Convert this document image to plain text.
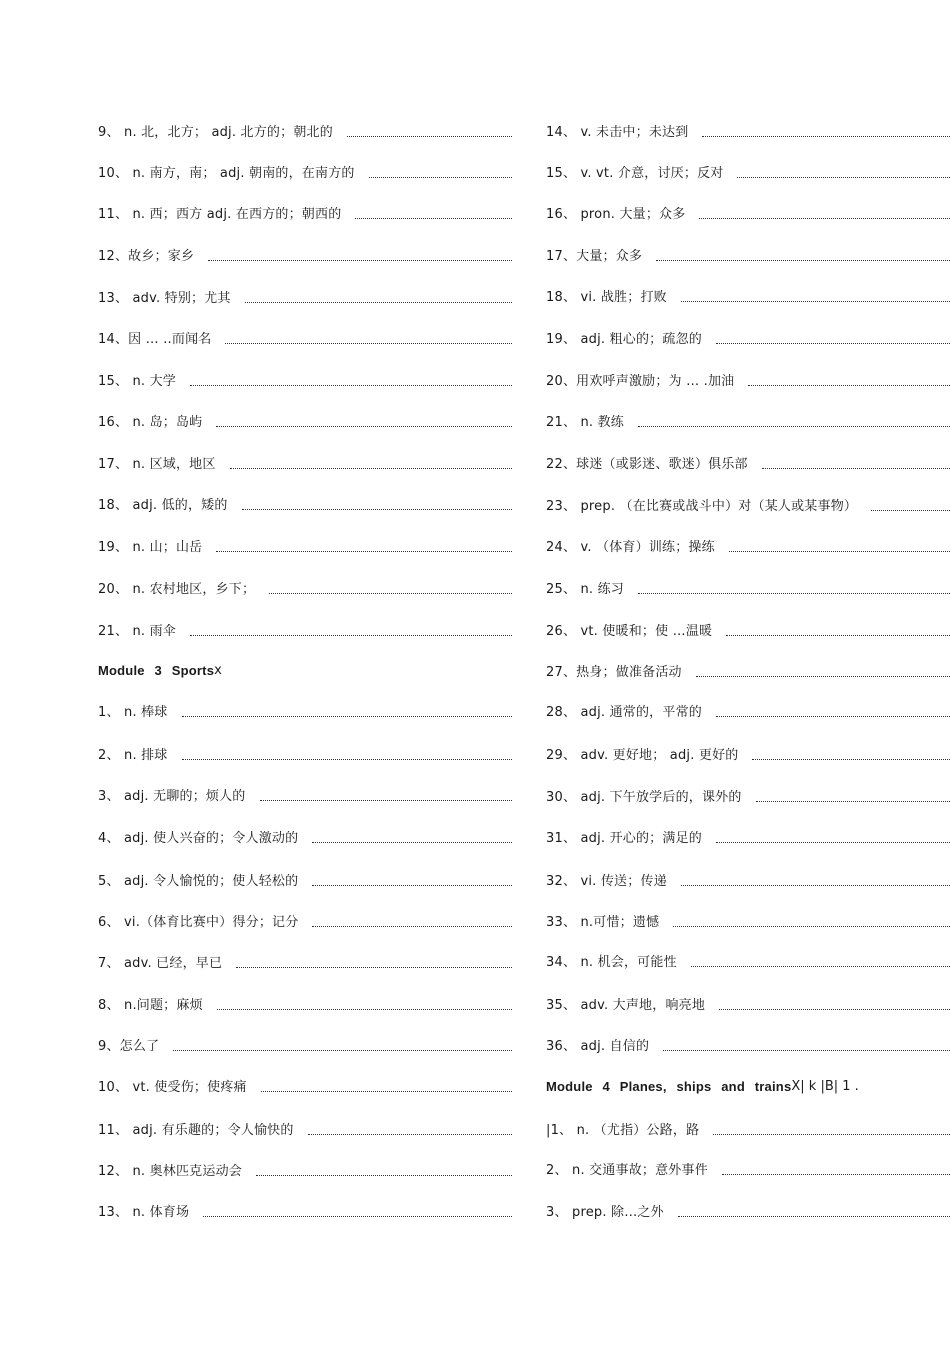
9、 n. 北，北方； adj. 北方的；朝北的
10、 n. 南方，南； adj. 朝南的，在南方的
11、 n. 西；西方 adj. 在西方的；朝西的
12、故乡；家乡
13、 adv. 特别；尤其
14、因 … ..而闻名
15、 n. 大学
16、 n. 岛；岛屿
17、 n. 区域，地区
18、 adj. 低的，矮的
19、 n. 山；山岳
20、 n. 农村地区，乡下；
21、 n. 雨伞
Module 3 Sports x
1、 n. 棒球
2、 n. 排球
3、 adj. 无聊的；烦人的
4、 adj. 使人兴奋的；令人激动的
5、 adj. 令人愉悦的；使人轻松的
6、 vi.（体育比赛中）得分；记分
7、 adv. 已经，早已
8、 n.问题；麻烦
9、怎么了
10、 vt. 使受伤；使疼痛
11、 adj. 有乐趣的；令人愉快的
12、 n. 奥林匹克运动会
13、 n. 体育场
14、 v. 未击中；未达到
15、 v. vt. 介意，讨厌；反对
16、 pron. 大量；众多
17、大量；众多
18、 vi. 战胜；打败
19、 adj. 粗心的；疏忽的
20、用欢呼声激励；为 … .加油
21、 n. 教练
22、球迷（或影迷、歌迷）俱乐部
23、 prep. （在比赛或战斗中）对（某人或某事物）
24、 v. （体育）训练；操练
25、 n. 练习
26、 vt. 使暖和；使 …温暖
27、热身；做准备活动
28、 adj. 通常的，平常的
29、 adv. 更好地； adj. 更好的
30、 adj. 下午放学后的，课外的
31、 adj. 开心的；满足的
32、 vi. 传送；传递
33、 n.可惜；遗憾
34、 n. 机会，可能性
35、 adv. 大声地，响亮地
36、 adj. 自信的
Module 4 Planes, ships and trains X| k |B| 1 .
|1、 n. （尤指）公路，路
2、 n. 交通事故；意外事件
3、 prep. 除…之外
